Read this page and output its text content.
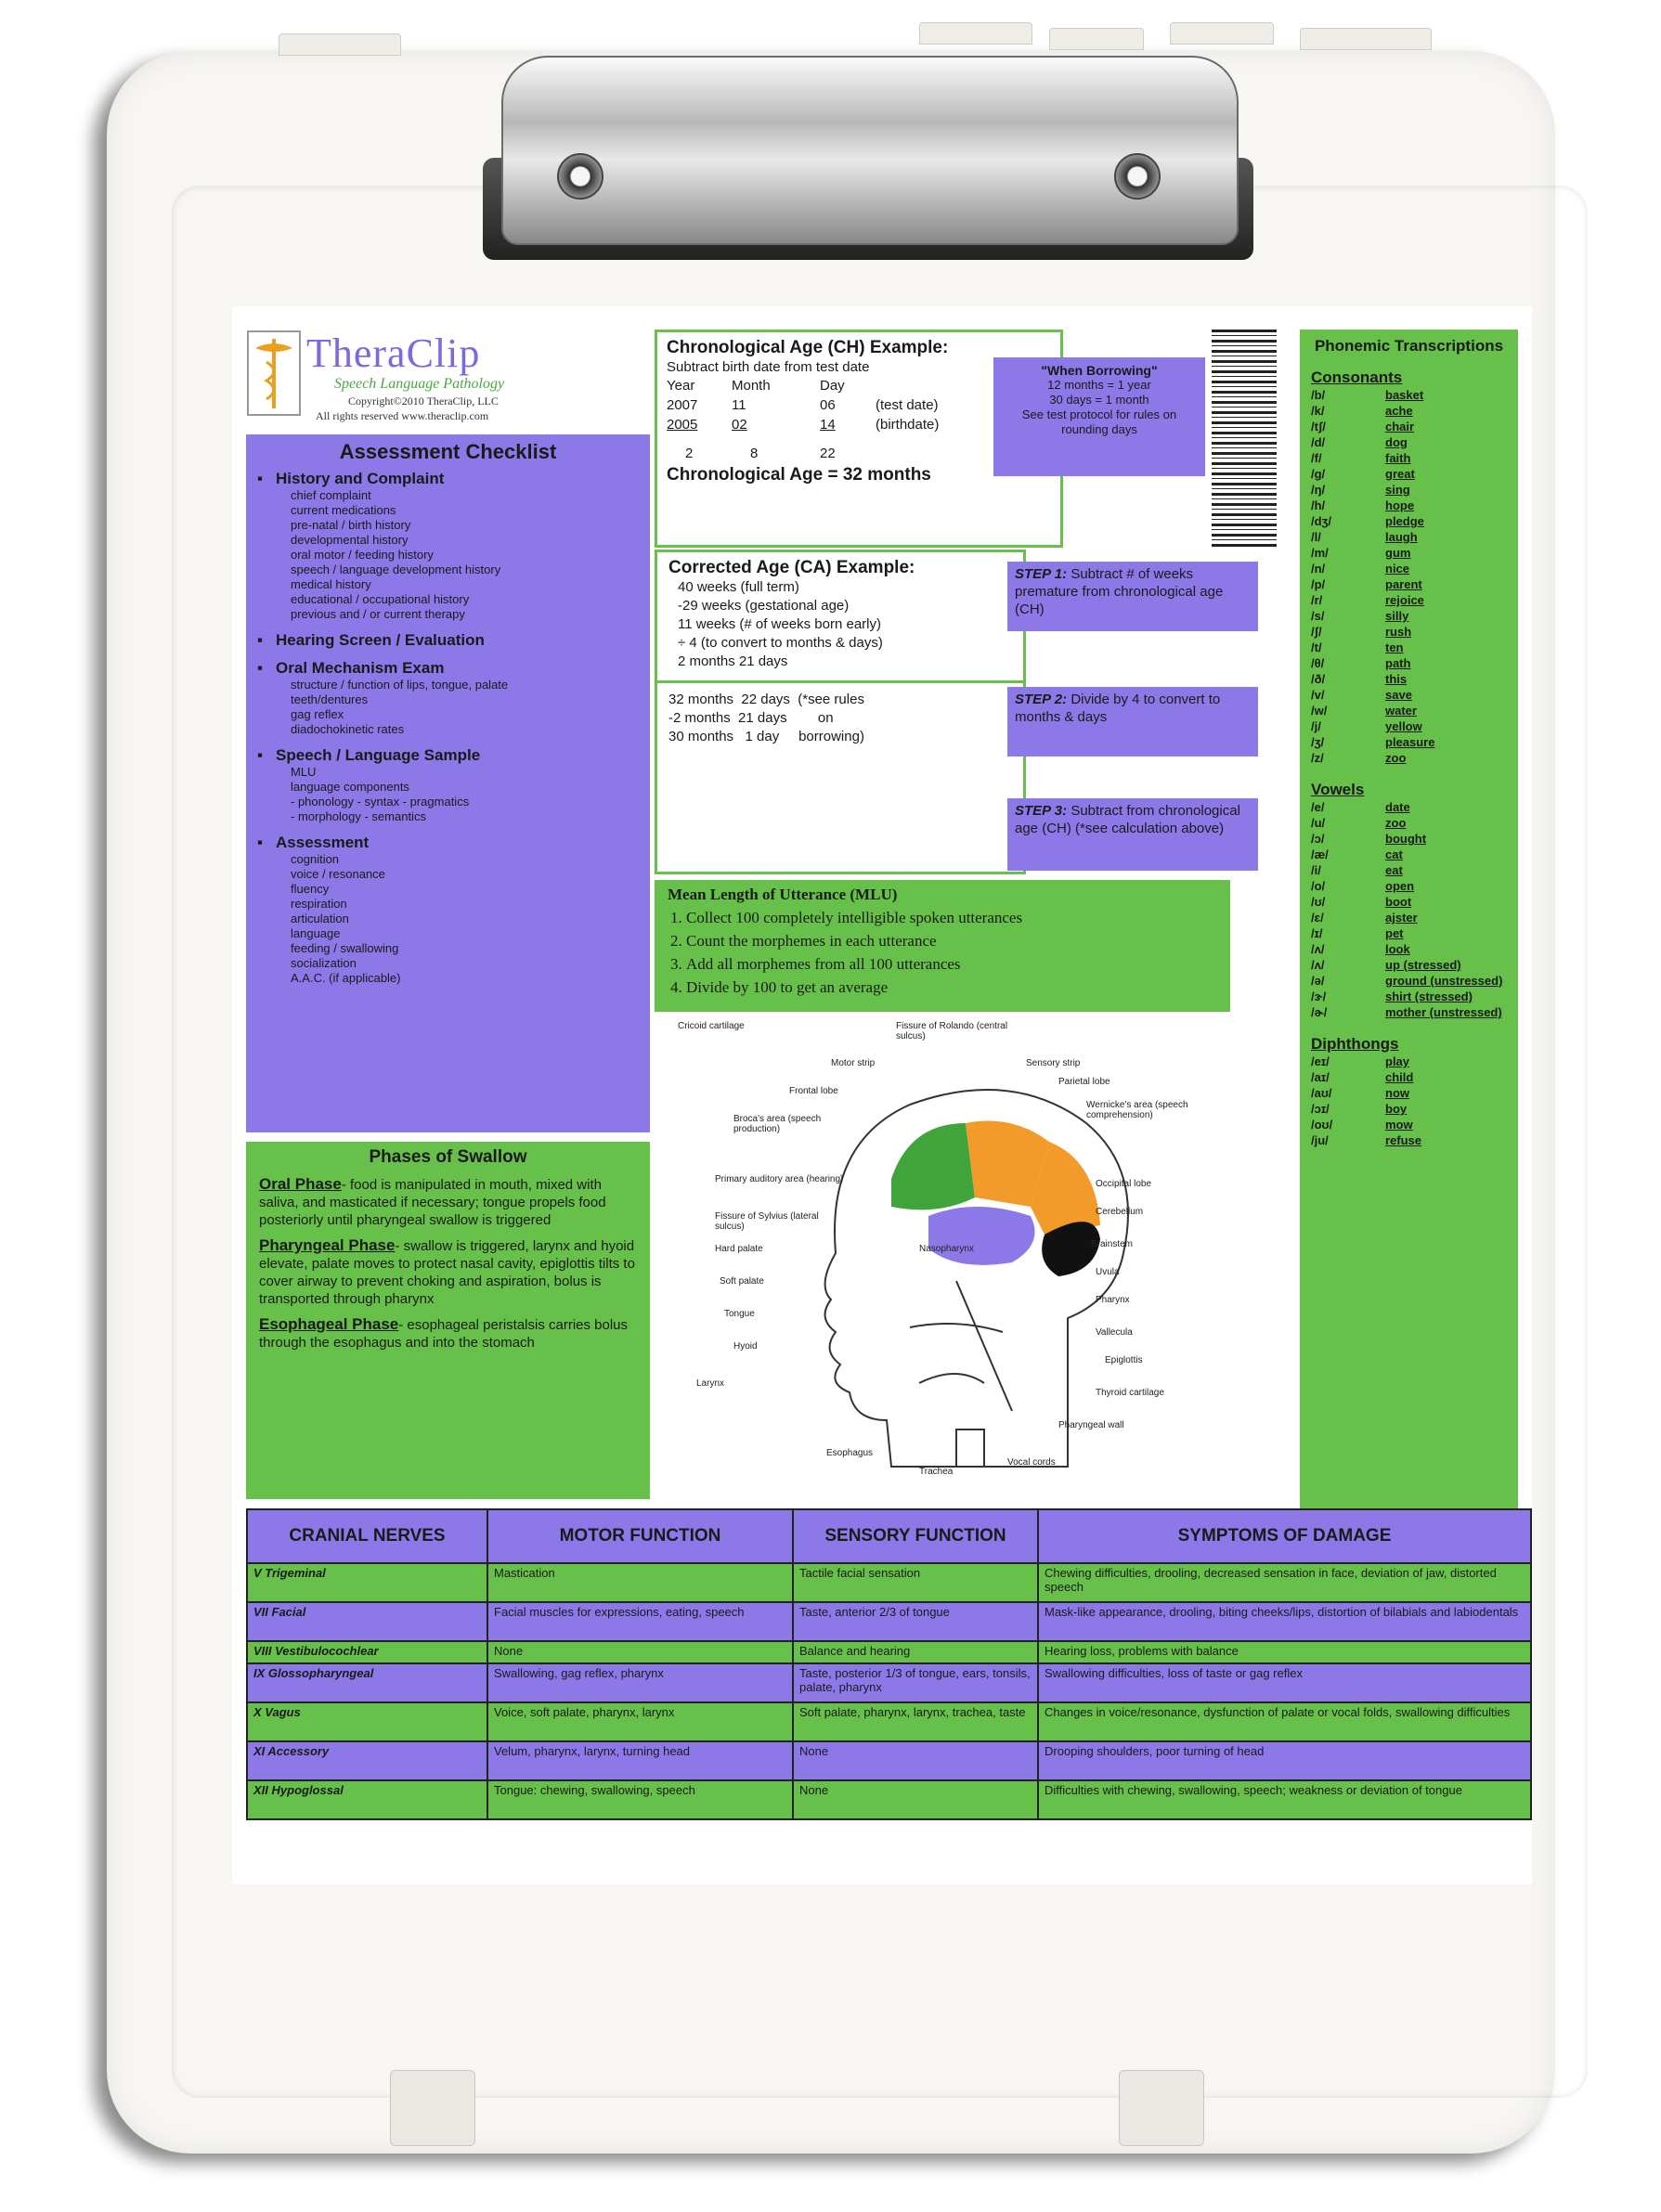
TheraClip
Speech Language Pathology
Copyright©2010 TheraClip, LLC
All rights reserved www.theraclip.com
Assessment Checklist
▪ History and Complaint
chief complaint
current medications
pre-natal / birth history
developmental history
oral motor / feeding history
speech / language development history
medical history
educational / occupational history
previous and / or current therapy
▪ Hearing Screen / Evaluation
▪ Oral Mechanism Exam
structure / function of lips, tongue, palate
teeth/dentures
gag reflex
diadochokinetic rates
▪ Speech / Language Sample
MLU
language components
- phonology - syntax - pragmatics
- morphology - semantics
▪ Assessment
cognition
voice / resonance
fluency
respiration
articulation
language
feeding / swallowing
socialization
A.A.C. (if applicable)
Phases of Swallow
Oral Phase- food is manipulated in mouth, mixed with saliva, and masticated if necessary; tongue propels food posteriorly until pharyngeal swallow is triggered
Pharyngeal Phase- swallow is triggered, larynx and hyoid elevate, palate moves to protect nasal cavity, epiglottis tilts to cover airway to prevent choking and aspiration, bolus is transported through pharynx
Esophageal Phase- esophageal peristalsis carries bolus through the esophagus and into the stomach
Chronological Age (CH) Example:
Subtract birth date from test date
Year	Month	Day
2007	11	06	(test date)
2005	02	14	(birthdate)
2	8	22
Chronological Age = 32 months
"When Borrowing"
12 months = 1 year
30 days = 1 month
See test protocol for rules on rounding days
Corrected Age (CA) Example:
40 weeks (full term)
-29 weeks (gestational age)
11 weeks (# of weeks born early)
÷ 4 (to convert to months & days)
2 months 21 days
32 months  22 days  (*see rules
-2 months  21 days        on
30 months   1 day     borrowing)
STEP 1: Subtract # of weeks premature from chronological age (CH)
STEP 2: Divide by 4 to convert to months & days
STEP 3: Subtract from chronological age (CH) (*see calculation above)
Mean Length of Utterance (MLU)
1. Collect 100 completely intelligible spoken utterances
2. Count the morphemes in each utterance
3. Add all morphemes from all 100 utterances
4. Divide by 100 to get an average
Fissure of Rolando (central sulcus)
Motor strip	Sensory strip
Parietal lobe
Frontal lobe
Wernicke's area (speech comprehension)
Broca's area (speech production)
Occipital lobe
Primary auditory area (hearing)
Cerebellum
Fissure of Sylvius (lateral sulcus)
Brainstem
Hard palate	Nasopharynx
Uvula
Soft palate
Pharynx
Tongue
Vallecula
Hyoid
Epiglottis
Larynx
Thyroid cartilage
Pharyngeal wall
Esophagus
Trachea
Vocal cords
Cricoid cartilage
Phonemic Transcriptions
Consonants
/b/	basket
/k/	ache
/tʃ/	chair
/d/	dog
/f/	faith
/g/	great
/ŋ/	sing
/h/	hope
/dʒ/	pledge
/l/	laugh
/m/	gum
/n/	nice
/p/	parent
/r/	rejoice
/s/	silly
/ʃ/	rush
/t/	ten
/θ/	path
/ð/	this
/v/	save
/w/	water
/j/	yellow
/ʒ/	pleasure
/z/	zoo
Vowels
/e/	date
/u/	zoo
/ɔ/	bought
/æ/	cat
/i/	eat
/o/	open
/ʊ/	boot
/ɛ/	ajster
/ɪ/	pet
/ʌ/	look
/ʌ/	up (stressed)
/ə/	ground (unstressed)
/ɝ/	shirt (stressed)
/ɚ/	mother (unstressed)
Diphthongs
/eɪ/	play
/aɪ/	child
/aʊ/	now
/ɔɪ/	boy
/oʊ/	mow
/ju/	refuse
CRANIAL NERVES	MOTOR FUNCTION	SENSORY FUNCTION	SYMPTOMS OF DAMAGE
V Trigeminal	Mastication	Tactile facial sensation	Chewing difficulties, drooling, decreased sensation in face, deviation of jaw, distorted speech
VII Facial	Facial muscles for expressions, eating, speech	Taste, anterior 2/3 of tongue	Mask-like appearance, drooling, biting cheeks/lips, distortion of bilabials and labiodentals
VIII Vestibulocochlear	None	Balance and hearing	Hearing loss, problems with balance
IX Glossopharyngeal	Swallowing, gag reflex, pharynx	Taste, posterior 1/3 of tongue, ears, tonsils, palate, pharynx	Swallowing difficulties, loss of taste or gag reflex
X Vagus	Voice, soft palate, pharynx, larynx	Soft palate, pharynx, larynx, trachea, taste	Changes in voice/resonance, dysfunction of palate or vocal folds, swallowing difficulties
XI Accessory	Velum, pharynx, larynx, turning head	None	Drooping shoulders, poor turning of head
XII Hypoglossal	Tongue: chewing, swallowing, speech	None	Difficulties with chewing, swallowing, speech; weakness or deviation of tongue
